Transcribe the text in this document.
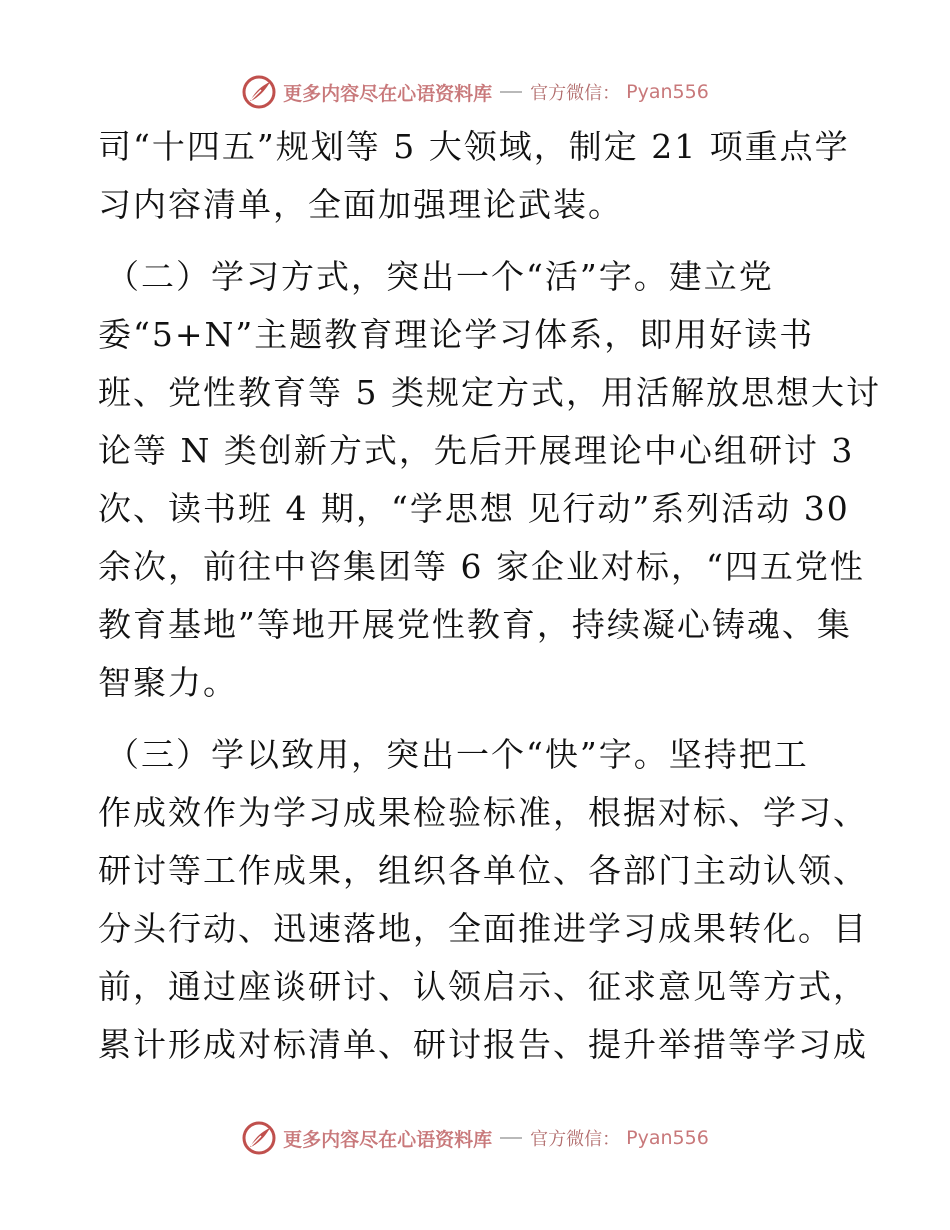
更多内容尽在心语资料库 官方微信： Pyan556
司“十四五”规划等 5 大领域，制定 21 项重点学
习内容清单，全面加强理论武装。
（二）学习方式，突出一个“活”字。建立党
委“5+N”主题教育理论学习体系，即用好读书
班、党性教育等 5 类规定方式，用活解放思想大讨
论等 N 类创新方式，先后开展理论中心组研讨 3
次、读书班 4 期，“学思想 见行动”系列活动 30
余次，前往中咨集团等 6 家企业对标，“四五党性
教育基地”等地开展党性教育，持续凝心铸魂、集
智聚力。
（三）学以致用，突出一个“快”字。坚持把工
作成效作为学习成果检验标准，根据对标、学习、
研讨等工作成果，组织各单位、各部门主动认领、
分头行动、迅速落地，全面推进学习成果转化。目
前，通过座谈研讨、认领启示、征求意见等方式，
累计形成对标清单、研讨报告、提升举措等学习成
更多内容尽在心语资料库 官方微信： Pyan556
